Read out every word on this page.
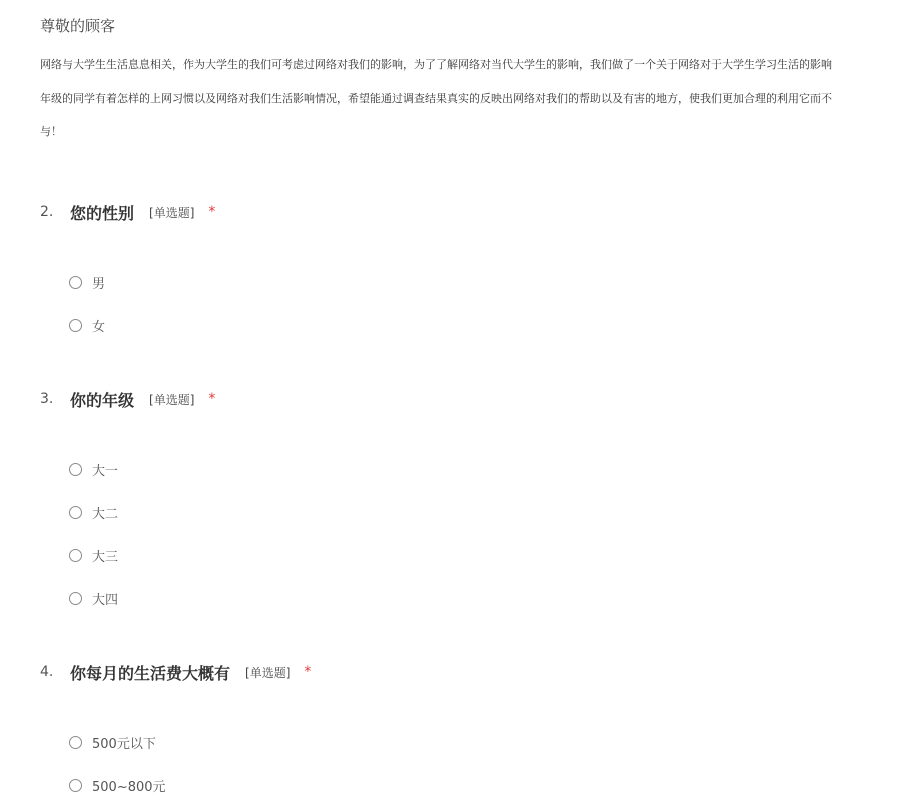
尊敬的顾客
网络与大学生生活息息相关，作为大学生的我们可考虑过网络对我们的影响，为了了解网络对当代大学生的影响，我们做了一个关于网络对于大学生学习生活的影响
年级的同学有着怎样的上网习惯以及网络对我们生活影响情况，希望能通过调查结果真实的反映出网络对我们的帮助以及有害的地方，使我们更加合理的利用它而不
与！
2.	您的性别 [单选题] *
男
女
3.	你的年级 [单选题] *
大一
大二
大三
大四
4.	你每月的生活费大概有 [单选题] *
500元以下
500~800元
